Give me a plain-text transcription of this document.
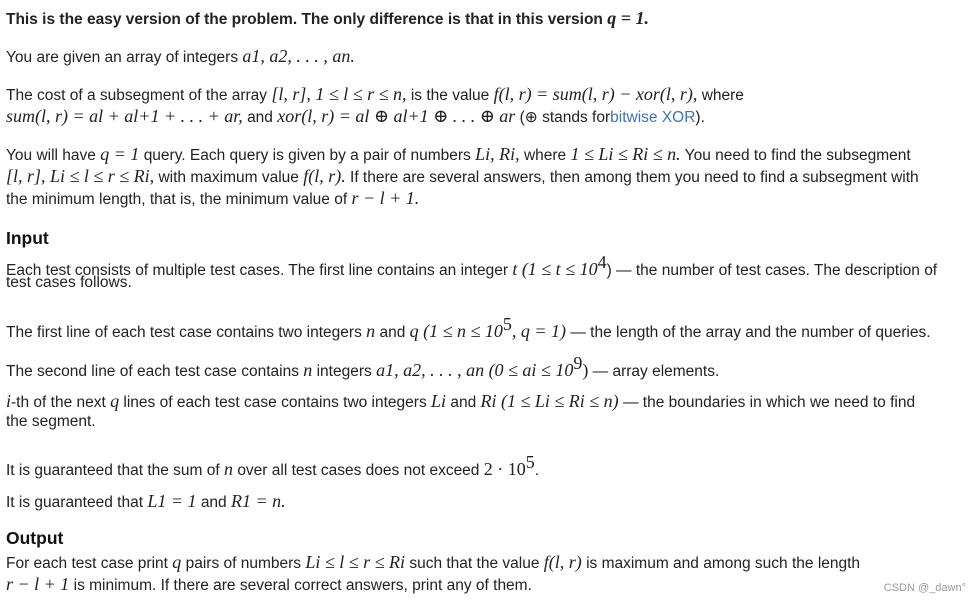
This is the easy version of the problem. The only difference is that in this version q = 1.
You are given an array of integers a1, a2, . . . , an.
The cost of a subsegment of the array [l, r], 1 ≤ l ≤ r ≤ n, is the value f(l, r) = sum(l, r) − xor(l, r), where
sum(l, r) = al + al+1 + . . . + ar, and xor(l, r) = al ⊕ al+1 ⊕ . . . ⊕ ar (⊕ stands forbitwise XOR).
You will have q = 1 query. Each query is given by a pair of numbers Li, Ri, where 1 ≤ Li ≤ Ri ≤ n. You need to find the subsegment
[l, r], Li ≤ l ≤ r ≤ Ri, with maximum value f(l, r). If there are several answers, then among them you need to find a subsegment with
the minimum length, that is, the minimum value of r − l + 1.
Input
Each test consists of multiple test cases. The first line contains an integer t $(1 \le t \le 10^4)$ — the number of test cases. The description of
test cases follows.
The first line of each test case contains two integers n and q ($1 \le n \le 10^5$, q = 1) — the length of the array and the number of queries.
The second line of each test case contains n integers a1, a2, . . . , an (0 ≤ ai ≤ $10^9$) — array elements.
i-th of the next q lines of each test case contains two integers Li and Ri (1 ≤ Li ≤ Ri ≤ n) — the boundaries in which we need to find
the segment.
It is guaranteed that the sum of n over all test cases does not exceed $2 \cdot 10^5$.
It is guaranteed that L1 = 1 and R1 = n.
Output
For each test case print q pairs of numbers Li ≤ l ≤ r ≤ Ri such that the value f(l, r) is maximum and among such the length
r − l + 1 is minimum. If there are several correct answers, print any of them.	CSDN @_dawn°
